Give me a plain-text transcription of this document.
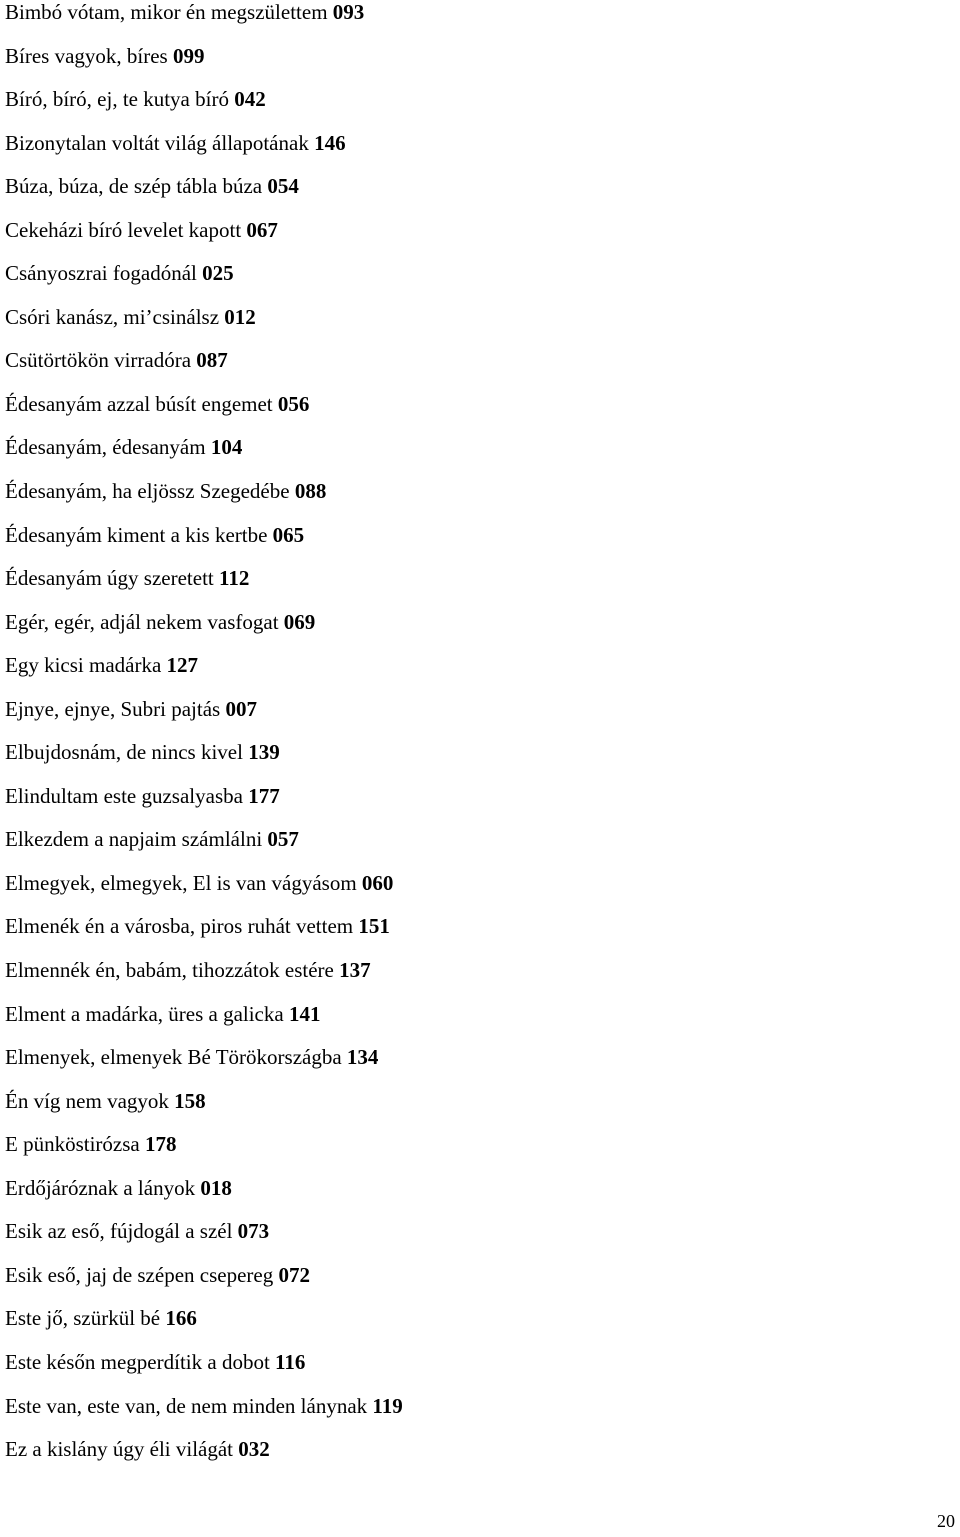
Bimbó vótam, mikor én megszülettem 093
Bíres vagyok, bíres 099
Bíró, bíró, ej, te kutya bíró 042
Bizonytalan voltát világ állapotának 146
Búza, búza, de szép tábla búza 054
Cekeházi bíró levelet kapott 067
Csányoszrai fogadónál 025
Csóri kanász, mi’csinálsz 012
Csütörtökön virradóra 087
Édesanyám azzal búsít engemet 056
Édesanyám, édesanyám 104
Édesanyám, ha eljössz Szegedébe 088
Édesanyám kiment a kis kertbe 065
Édesanyám úgy szeretett 112
Egér, egér, adjál nekem vasfogat 069
Egy kicsi madárka 127
Ejnye, ejnye, Subri pajtás 007
Elbujdosnám, de nincs kivel 139
Elindultam este guzsalyasba 177
Elkezdem a napjaim számlálni 057
Elmegyek, elmegyek, El is van vágyásom 060
Elmenék én a városba, piros ruhát vettem 151
Elmennék én, babám, tihozzátok estére 137
Elment a madárka, üres a galicka 141
Elmenyek, elmenyek Bé Törökországba 134
Én víg nem vagyok 158
E pünköstirózsa 178
Erdőjáróznak a lányok 018
Esik az eső, fújdogál a szél 073
Esik eső, jaj de szépen csepereg 072
Este jő, szürkül bé 166
Este későn megperdítik a dobot 116
Este van, este van, de nem minden lánynak 119
Ez a kislány úgy éli világát 032
20
